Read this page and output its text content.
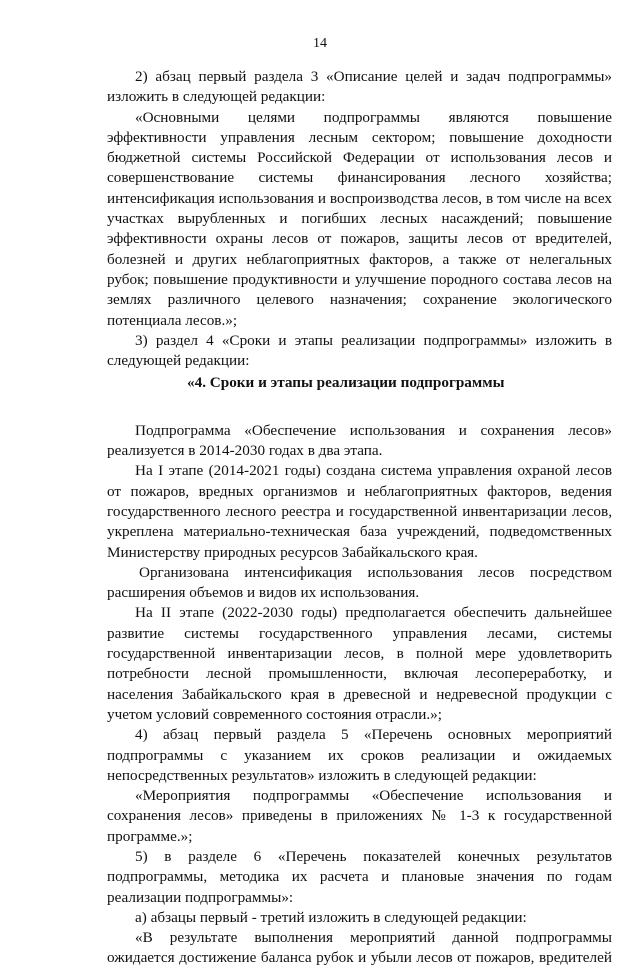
14

2) абзац первый раздела 3 «Описание целей и задач подпрограммы» изложить в следующей редакции:

«Основными целями подпрограммы являются повышение эффективности управления лесным сектором; повышение доходности бюджетной системы Российской Федерации от использования лесов и совершенствование системы финансирования лесного хозяйства; интенсификация использования и воспроизводства лесов, в том числе на всех участках вырубленных и погибших лесных насаждений; повышение эффективности охраны лесов от пожаров, защиты лесов от вредителей, болезней и других неблагоприятных факторов, а также от нелегальных рубок; повышение продуктивности и улучшение породного состава лесов на землях различного целевого назначения; сохранение экологического потенциала лесов.»;

3) раздел 4 «Сроки и этапы реализации подпрограммы» изложить в следующей редакции:

«4. Сроки и этапы реализации подпрограммы

Подпрограмма «Обеспечение использования и сохранения лесов» реализуется в 2014-2030 годах в два этапа.

На I этапе (2014-2021 годы) создана система управления охраной лесов от пожаров, вредных организмов и неблагоприятных факторов, ведения государственного лесного реестра и государственной инвентаризации лесов, укреплена материально-техническая база учреждений, подведомственных Министерству природных ресурсов Забайкальского края.

Организована интенсификация использования лесов посредством расширения объемов и видов их использования.

На II этапе (2022-2030 годы) предполагается обеспечить дальнейшее развитие системы государственного управления лесами, системы государственной инвентаризации лесов, в полной мере удовлетворить потребности лесной промышленности, включая лесопереработку, и населения Забайкальского края в древесной и недревесной продукции с учетом условий современного состояния отрасли.»;

4) абзац первый раздела 5 «Перечень основных мероприятий подпрограммы с указанием их сроков реализации и ожидаемых непосредственных результатов» изложить в следующей редакции:

«Мероприятия подпрограммы «Обеспечение использования и сохранения лесов» приведены в приложениях № 1-3 к государственной программе.»;

5) в разделе 6 «Перечень показателей конечных результатов подпрограммы, методика их расчета и плановые значения по годам реализации подпрограммы»:

а) абзацы первый - третий изложить в следующей редакции:

«В результате выполнения мероприятий данной подпрограммы ожидается достижение баланса рубок и убыли лесов от пожаров, вредителей
